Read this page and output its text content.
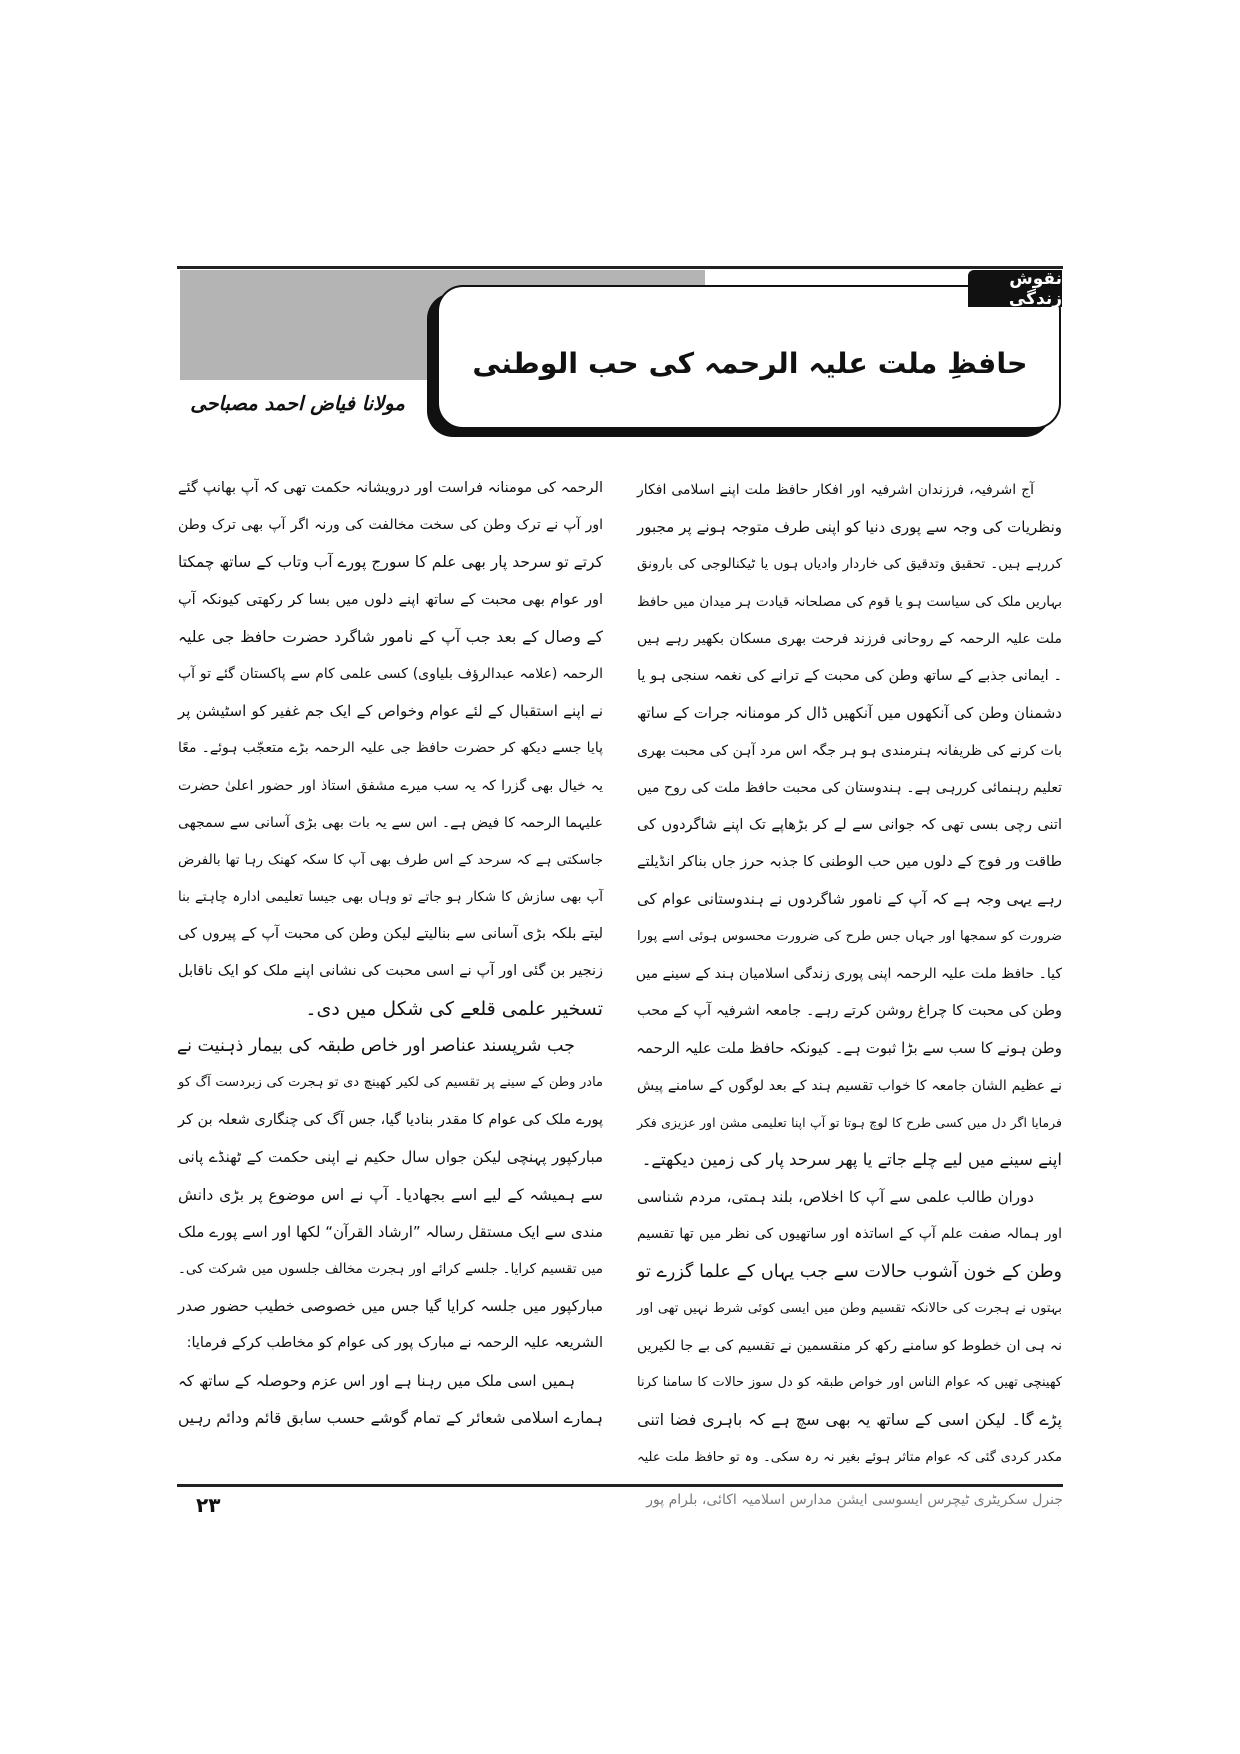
نقوش زندگی
حافظِ ملت علیہ الرحمہ کی حب الوطنی
مولانا فیاض احمد مصباحی
آج اشرفیہ، فرزندان اشرفیہ اور افکار حافظ ملت اپنے اسلامی افکار
ونظریات کی وجہ سے پوری دنیا کو اپنی طرف متوجہ ہونے پر مجبور
کررہے ہیں۔ تحقیق وتدقیق کی خاردار وادیاں ہوں یا ٹیکنالوجی کی بارونق
بہاریں ملک کی سیاست ہو یا قوم کی مصلحانہ قیادت ہر میدان میں حافظ
ملت علیہ الرحمہ کے روحانی فرزند فرحت بھری مسکان بکھیر رہے ہیں
۔ ایمانی جذبے کے ساتھ وطن کی محبت کے ترانے کی نغمہ سنجی ہو یا
دشمنان وطن کی آنکھوں میں آنکھیں ڈال کر مومنانہ جرات کے ساتھ
بات کرنے کی ظریفانہ ہنرمندی ہو ہر جگہ اس مرد آہن کی محبت بھری
تعلیم رہنمائی کررہی ہے۔ ہندوستان کی محبت حافظ ملت کی روح میں
اتنی رچی بسی تھی کہ جوانی سے لے کر بڑھاپے تک اپنے شاگردوں کی
طاقت ور فوج کے دلوں میں حب الوطنی کا جذبہ حرز جاں بناکر انڈیلتے
رہے یہی وجہ ہے کہ آپ کے نامور شاگردوں نے ہندوستانی عوام کی
ضرورت کو سمجھا اور جہاں جس طرح کی ضرورت محسوس ہوئی اسے پورا
کیا۔ حافظ ملت علیہ الرحمہ اپنی پوری زندگی اسلامیان ہند کے سینے میں
وطن کی محبت کا چراغ روشن کرتے رہے۔ جامعہ اشرفیہ آپ کے محب
وطن ہونے کا سب سے بڑا ثبوت ہے۔ کیونکہ حافظ ملت علیہ الرحمہ
نے عظیم الشان جامعہ کا خواب تقسیم ہند کے بعد لوگوں کے سامنے پیش
فرمایا اگر دل میں کسی طرح کا لوچ ہوتا تو آپ اپنا تعلیمی مشن اور عزیزی فکر
اپنے سینے میں لیے چلے جاتے یا پھر سرحد پار کی زمین دیکھتے۔
دوران طالب علمی سے آپ کا اخلاص، بلند ہمتی، مردم شناسی
اور ہمالہ صفت علم آپ کے اساتذہ اور ساتھیوں کی نظر میں تھا تقسیم
وطن کے خون آشوب حالات سے جب یہاں کے علما گزرے تو
بہتوں نے ہجرت کی حالانکہ تقسیم وطن میں ایسی کوئی شرط نہیں تھی اور
نہ ہی ان خطوط کو سامنے رکھ کر منقسمین نے تقسیم کی بے جا لکیریں
کھینچی تھیں کہ عوام الناس اور خواص طبقہ کو دل سوز حالات کا سامنا کرنا
پڑے گا۔ لیکن اسی کے ساتھ یہ بھی سچ ہے کہ باہری فضا اتنی
مکدر کردی گئی کہ عوام متاثر ہوئے بغیر نہ رہ سکی۔ وہ تو حافظ ملت علیہ
الرحمہ کی مومنانہ فراست اور درویشانہ حکمت تھی کہ آپ بھانپ گئے
اور آپ نے ترک وطن کی سخت مخالفت کی ورنہ اگر آپ بھی ترک وطن
کرتے تو سرحد پار بھی علم کا سورج پورے آب وتاب کے ساتھ چمکتا
اور عوام بھی محبت کے ساتھ اپنے دلوں میں بسا کر رکھتی کیونکہ آپ
کے وصال کے بعد جب آپ کے نامور شاگرد حضرت حافظ جی علیہ
الرحمہ (علامہ عبدالرؤف بلیاوی) کسی علمی کام سے پاکستان گئے تو آپ
نے اپنے استقبال کے لئے عوام وخواص کے ایک جم غفیر کو اسٹیشن پر
پایا جسے دیکھ کر حضرت حافظ جی علیہ الرحمہ بڑے متعجّب ہوئے۔ معًا
یہ خیال بھی گزرا کہ یہ سب میرے مشفق استاذ اور حضور اعلیٰ حضرت
علیہما الرحمہ کا فیض ہے۔ اس سے یہ بات بھی بڑی آسانی سے سمجھی
جاسکتی ہے کہ سرحد کے اس طرف بھی آپ کا سکہ کھنک رہا تھا بالفرض
آپ بھی سازش کا شکار ہو جاتے تو وہاں بھی جیسا تعلیمی ادارہ چاہتے بنا
لیتے بلکہ بڑی آسانی سے بنالیتے لیکن وطن کی محبت آپ کے پیروں کی
زنجیر بن گئی اور آپ نے اسی محبت کی نشانی اپنے ملک کو ایک ناقابل
تسخیر علمی قلعے کی شکل میں دی۔
جب شرپسند عناصر اور خاص طبقہ کی بیمار ذہنیت نے
مادر وطن کے سینے پر تقسیم کی لکیر کھینچ دی تو ہجرت کی زبردست آگ کو
پورے ملک کی عوام کا مقدر بنادیا گیا، جس آگ کی چنگاری شعلہ بن کر
مبارکپور پہنچی لیکن جواں سال حکیم نے اپنی حکمت کے ٹھنڈے پانی
سے ہمیشہ کے لیے اسے بجھادیا۔ آپ نے اس موضوع پر بڑی دانش
مندی سے ایک مستقل رسالہ ”ارشاد القرآن“ لکھا اور اسے پورے ملک
میں تقسیم کرایا۔ جلسے کرائے اور ہجرت مخالف جلسوں میں شرکت کی۔
مبارکپور میں جلسہ کرایا گیا جس میں خصوصی خطیب حضور صدر
الشریعہ علیہ الرحمہ نے مبارک پور کی عوام کو مخاطب کرکے فرمایا:
ہمیں اسی ملک میں رہنا ہے اور اس عزم وحوصلہ کے ساتھ کہ
ہمارے اسلامی شعائر کے تمام گوشے حسب سابق قائم ودائم رہیں
۲۳	جنرل سکریٹری ٹیچرس ایسوسی ایشن مدارس اسلامیہ اکائی، بلرام پور
